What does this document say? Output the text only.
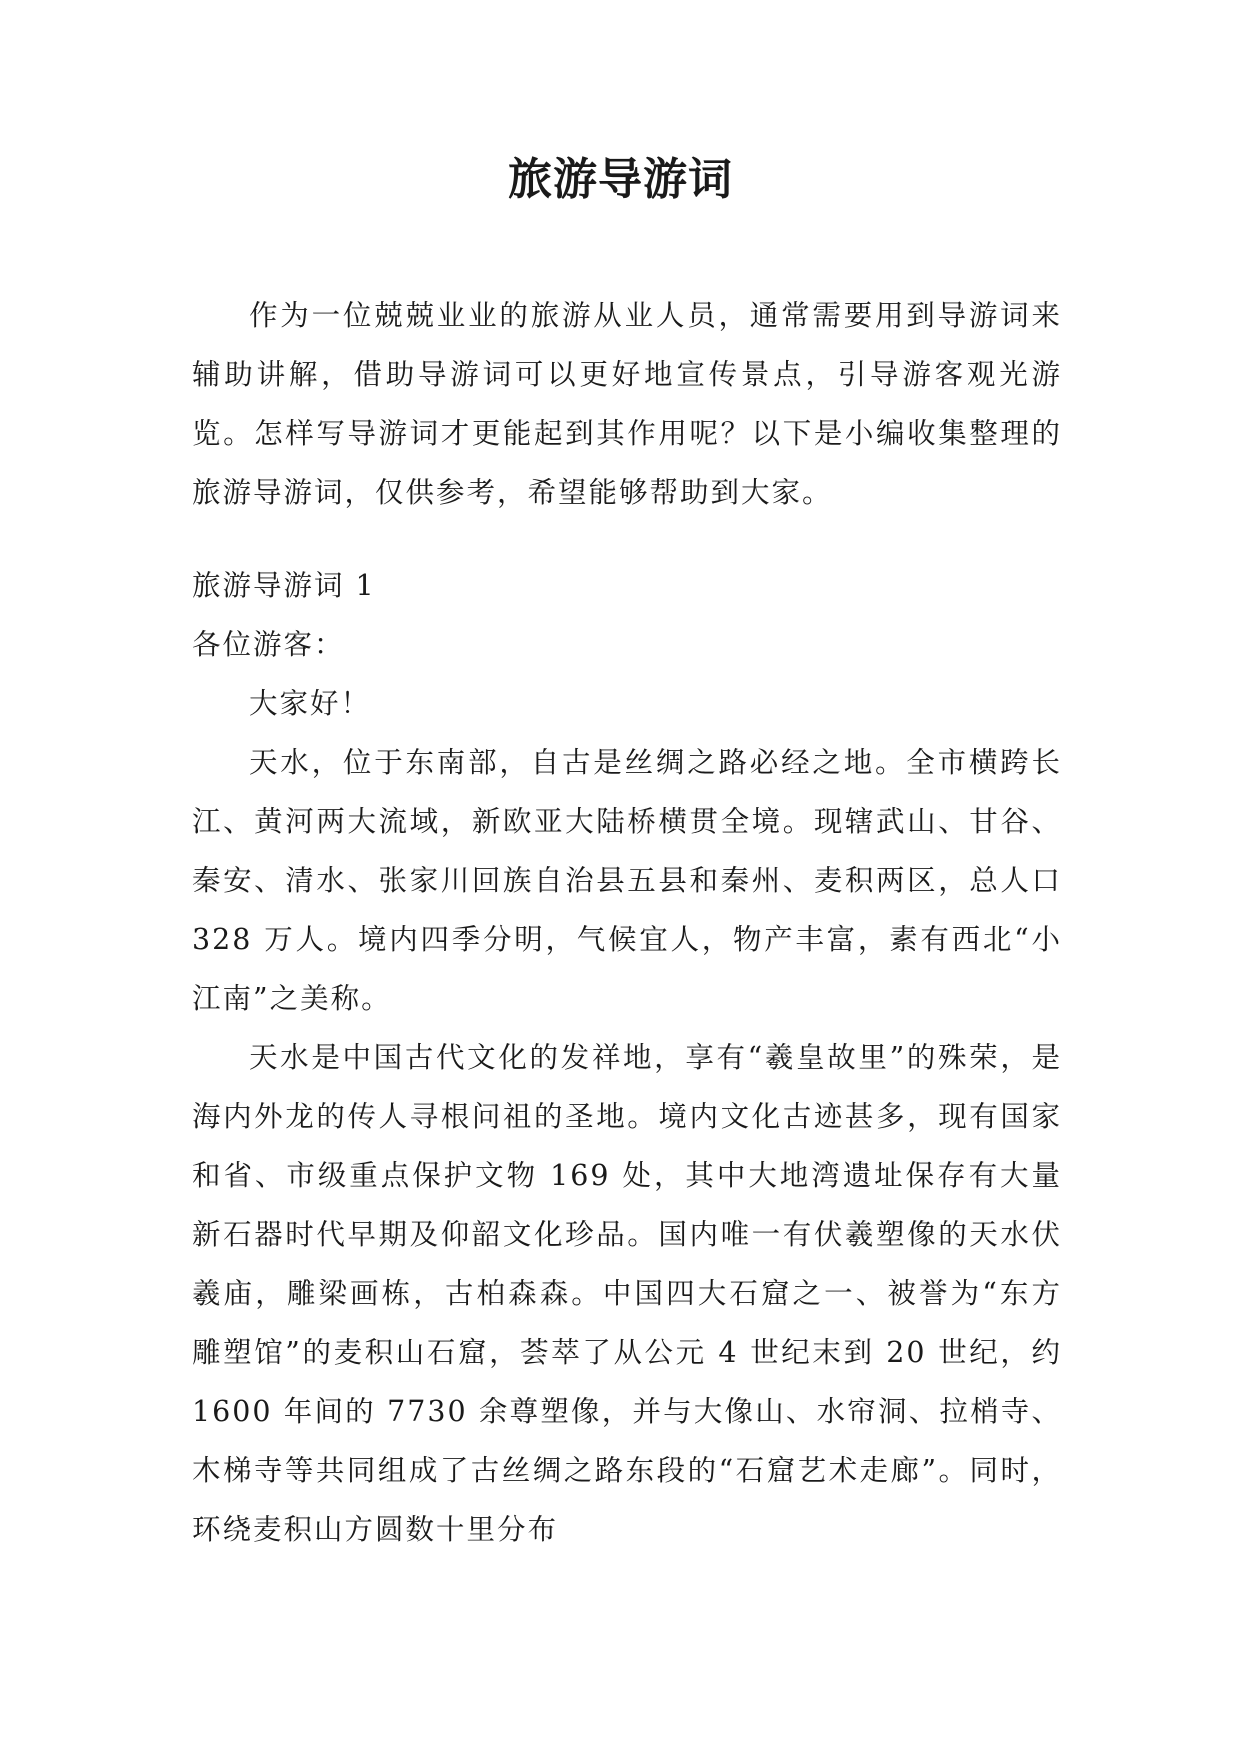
旅游导游词

作为一位兢兢业业的旅游从业人员，通常需要用到导游词来辅助讲解，借助导游词可以更好地宣传景点，引导游客观光游览。怎样写导游词才更能起到其作用呢？以下是小编收集整理的旅游导游词，仅供参考，希望能够帮助到大家。

旅游导游词 1

各位游客：

大家好！

天水，位于东南部，自古是丝绸之路必经之地。全市横跨长江、黄河两大流域，新欧亚大陆桥横贯全境。现辖武山、甘谷、秦安、清水、张家川回族自治县五县和秦州、麦积两区，总人口 328 万人。境内四季分明，气候宜人，物产丰富，素有西北“小江南”之美称。

天水是中国古代文化的发祥地，享有“羲皇故里”的殊荣，是海内外龙的传人寻根问祖的圣地。境内文化古迹甚多，现有国家和省、市级重点保护文物 169 处，其中大地湾遗址保存有大量新石器时代早期及仰韶文化珍品。国内唯一有伏羲塑像的天水伏羲庙，雕梁画栋，古柏森森。中国四大石窟之一、被誉为“东方雕塑馆”的麦积山石窟，荟萃了从公元 4 世纪末到 20 世纪，约 1600 年间的 7730 余尊塑像，并与大像山、水帘洞、拉梢寺、木梯寺等共同组成了古丝绸之路东段的“石窟艺术走廊”。同时，环绕麦积山方圆数十里分布
